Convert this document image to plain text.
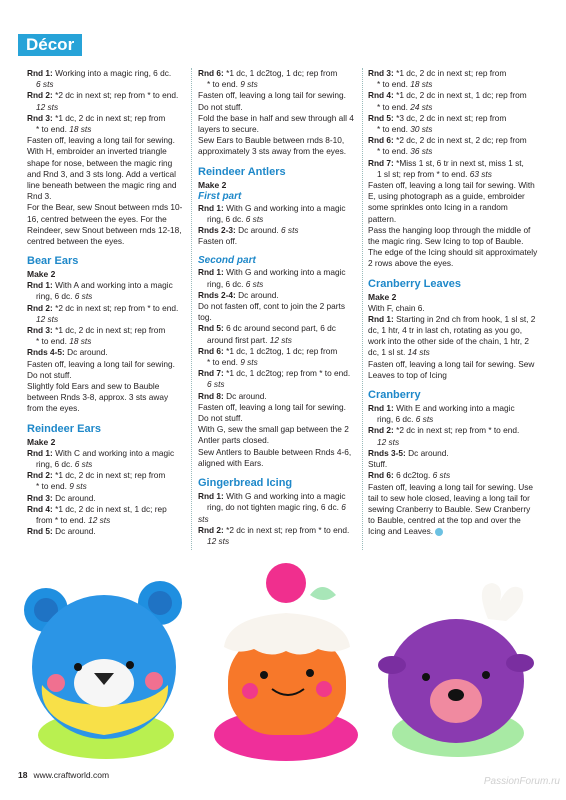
Décor

Rnd 1: Working into a magic ring, 6 dc.
6 sts

Rnd 2: *2 dc in next st; rep from * to end.
12 sts

Rnd 3: *1 dc, 2 dc in next st; rep from
* to end. 18 sts

Fasten off, leaving a long tail for sewing. With H, embroider an inverted triangle shape for nose, between the magic ring and Rnd 3, and 3 sts long. Add a vertical line beneath between the magic ring and Rnd 3.

For the Bear, sew Snout between rnds 10-16, centred between the eyes. For the Reindeer, sew Snout between rnds 12-18, centred between the eyes.

Bear Ears
Make 2

Rnd 1: With A and working into a magic
ring, 6 dc. 6 sts

Rnd 2: *2 dc in next st; rep from * to end.
12 sts

Rnd 3: *1 dc, 2 dc in next st; rep from
* to end. 18 sts

Rnds 4-5: Dc around.

Fasten off, leaving a long tail for sewing. Do not stuff.

Slightly fold Ears and sew to Bauble between Rnds 3-8, approx. 3 sts away from the eyes.

Reindeer Ears
Make 2

Rnd 1: With C and working into a magic
ring, 6 dc. 6 sts

Rnd 2: *1 dc, 2 dc in next st; rep from
* to end. 9 sts

Rnd 3: Dc around.

Rnd 4: *1 dc, 2 dc in next st, 1 dc; rep
from * to end. 12 sts

Rnd 5: Dc around.

Rnd 6: *1 dc, 1 dc2tog, 1 dc; rep from
* to end. 9 sts

Fasten off, leaving a long tail for sewing. Do not stuff.

Fold the base in half and sew through all 4 layers to secure.

Sew Ears to Bauble between rnds 8-10, approximately 3 sts away from the eyes.

Reindeer Antlers
Make 2
First part

Rnd 1: With G and working into a magic
ring, 6 dc. 6 sts

Rnds 2-3: Dc around. 6 sts

Fasten off.

Second part

Rnd 1: With G and working into a magic
ring, 6 dc. 6 sts

Rnds 2-4: Dc around.

Do not fasten off, cont to join the 2 parts tog.

Rnd 5: 6 dc around second part, 6 dc
around first part. 12 sts

Rnd 6: *1 dc, 1 dc2tog, 1 dc; rep from
* to end. 9 sts

Rnd 7: *1 dc, 1 dc2tog; rep from * to end.
6 sts

Rnd 8: Dc around.

Fasten off, leaving a long tail for sewing. Do not stuff.

With G, sew the small gap between the 2 Antler parts closed.

Sew Antlers to Bauble between Rnds 4-6, aligned with Ears.

Gingerbread Icing

Rnd 1: With G and working into a magic
ring, do not tighten magic ring, 6 dc. 6 sts

Rnd 2: *2 dc in next st; rep from * to end.
12 sts

Rnd 3: *1 dc, 2 dc in next st; rep from
* to end. 18 sts

Rnd 4: *1 dc, 2 dc in next st, 1 dc; rep from
* to end. 24 sts

Rnd 5: *3 dc, 2 dc in next st; rep from
* to end. 30 sts

Rnd 6: *2 dc, 2 dc in next st, 2 dc; rep from
* to end. 36 sts

Rnd 7: *Miss 1 st, 6 tr in next st, miss 1 st,
1 sl st; rep from * to end. 63 sts

Fasten off, leaving a long tail for sewing. With E, using photograph as a guide, embroider some sprinkles onto Icing in a random pattern.

Pass the hanging loop through the middle of the magic ring. Sew Icing to top of Bauble. The edge of the Icing should sit approximately 2 rows above the eyes.

Cranberry Leaves
Make 2

With F, chain 6.

Rnd 1: Starting in 2nd ch from hook, 1 sl st, 2 dc, 1 htr, 4 tr in last ch, rotating as you go, work into the other side of the chain, 1 htr, 2 dc, 1 sl st. 14 sts

Fasten off, leaving a long tail for sewing. Sew Leaves to top of Icing

Cranberry

Rnd 1: With E and working into a magic
ring, 6 dc. 6 sts

Rnd 2: *2 dc in next st; rep from * to end.
12 sts

Rnds 3-5: Dc around.

Stuff.

Rnd 6: 6 dc2tog. 6 sts

Fasten off, leaving a long tail for sewing. Use tail to sew hole closed, leaving a long tail for sewing Cranberry to Bauble. Sew Cranberry to Bauble, centred at the top and over the Icing and Leaves.

18 www.craftworld.com
PassionForum.ru
